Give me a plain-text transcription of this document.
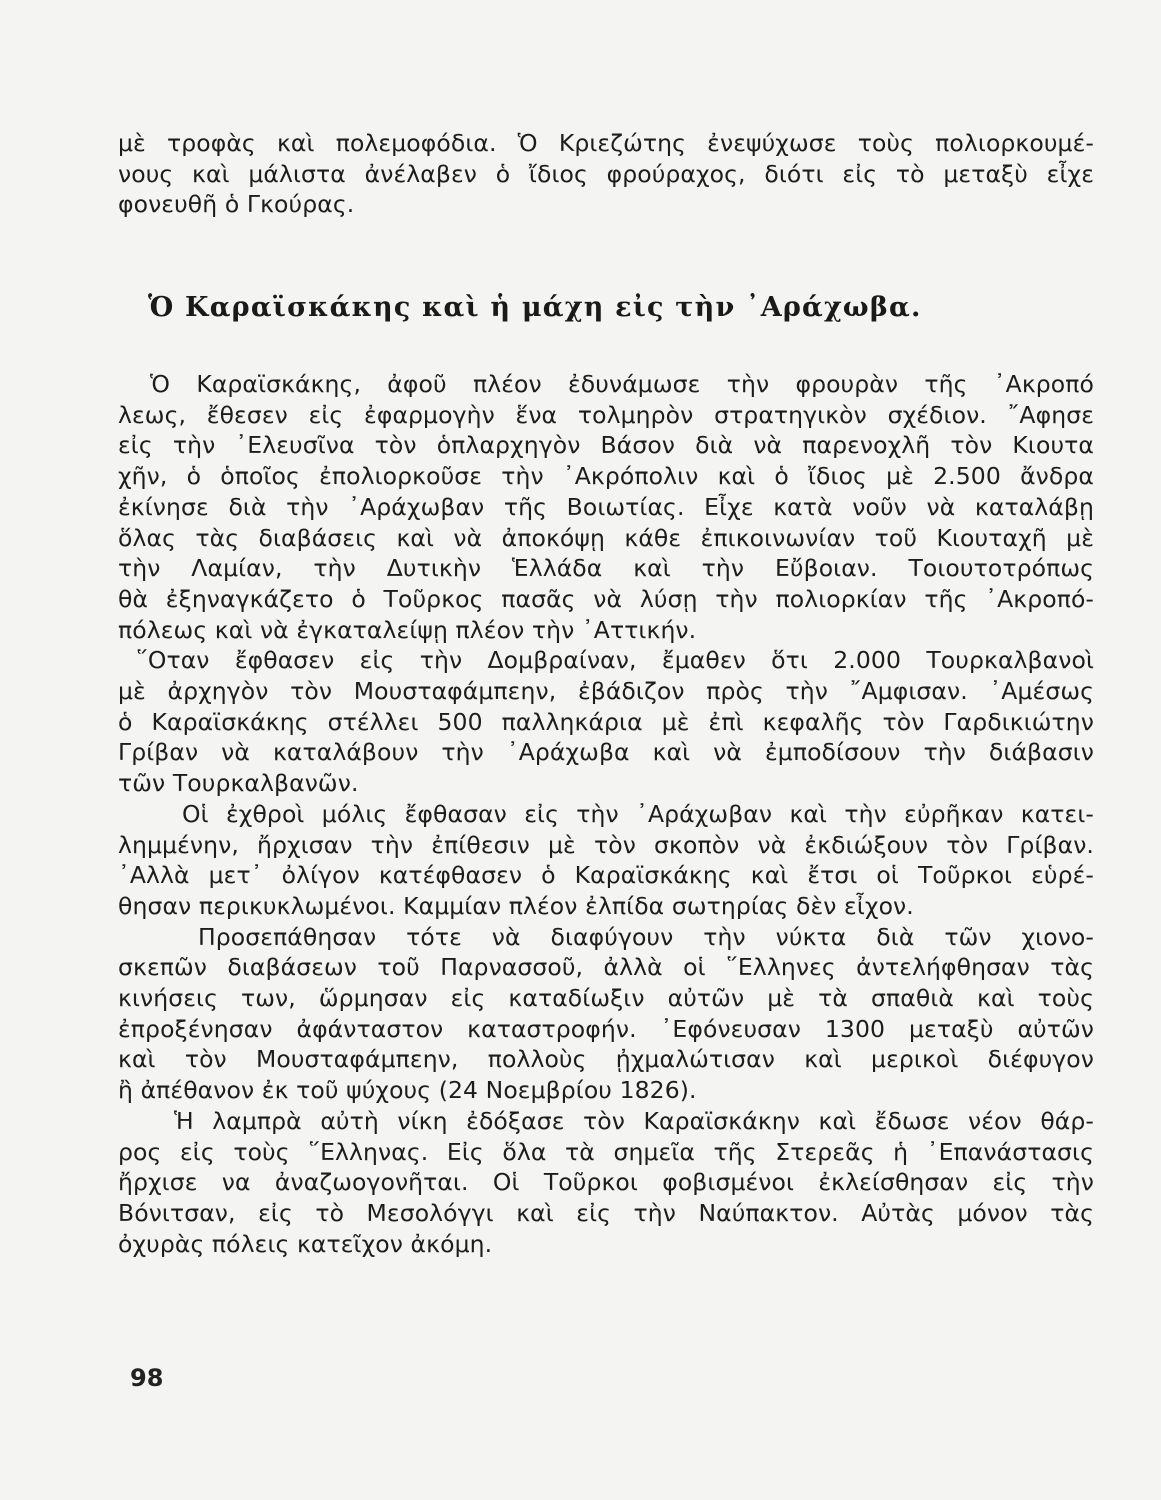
μὲ τροφὰς καὶ πολεμοφόδια. Ὁ Κριεζώτης ἐνεψύχωσε τοὺς πολιορκουμέ-
νους καὶ μάλιστα ἀνέλαβεν ὁ ἴδιος φρούραχος, διότι εἰς τὸ μεταξὺ εἶχε
φονευθῆ ὁ Γκούρας.
Ὁ Καραϊσκάκης καὶ ἡ μάχη εἰς τὴν ᾿Αράχωβα.
Ὁ Καραϊσκάκης, ἀφοῦ πλέον ἐδυνάμωσε τὴν φρουρὰν τῆς ᾿Ακροπό
λεως, ἔθεσεν εἰς ἐφαρμογὴν ἕνα τολμηρὸν στρατηγικὸν σχέδιον. ῎Αφησε
εἰς τὴν ᾿Ελευσῖνα τὸν ὁπλαρχηγὸν Βάσον διὰ νὰ παρενοχλῆ τὸν Κιουτα
χῆν, ὁ ὁποῖος ἐπολιορκοῦσε τὴν ᾿Ακρόπολιν καὶ ὁ ἴδιος μὲ 2.500 ἄνδρα
ἐκίνησε διὰ τὴν ᾿Αράχωβαν τῆς Βοιωτίας. Εἶχε κατὰ νοῦν νὰ καταλάβῃ
ὅλας τὰς διαβάσεις καὶ νὰ ἀποκόψῃ κάθε ἐπικοινωνίαν τοῦ Κιουταχῆ μὲ
τὴν Λαμίαν, τὴν Δυτικὴν Ἑλλάδα καὶ τὴν Εὔβοιαν. Τοιουτοτρόπως
θὰ ἐξηναγκάζετο ὁ Τοῦρκος πασᾶς νὰ λύσῃ τὴν πολιορκίαν τῆς ᾿Ακροπό-
πόλεως καὶ νὰ ἐγκαταλείψῃ πλέον τὴν ᾿Αττικήν.
῞Οταν ἔφθασεν εἰς τὴν Δομβραίναν, ἔμαθεν ὅτι 2.000 Τουρκαλβανοὶ
μὲ ἀρχηγὸν τὸν Μουσταφάμπεην, ἐβάδιζον πρὸς τὴν ῎Αμφισαν. ᾿Αμέσως
ὁ Καραϊσκάκης στέλλει 500 παλληκάρια μὲ ἐπὶ κεφαλῆς τὸν Γαρδικιώτην
Γρίβαν νὰ καταλάβουν τὴν ᾿Αράχωβα καὶ νὰ ἐμποδίσουν τὴν διάβασιν
τῶν Τουρκαλβανῶν.
Οἱ ἐχθροὶ μόλις ἔφθασαν εἰς τὴν ᾿Αράχωβαν καὶ τὴν εὐρῆκαν κατει-
λημμένην, ἤρχισαν τὴν ἐπίθεσιν μὲ τὸν σκοπὸν νὰ ἐκδιώξουν τὸν Γρίβαν.
᾿Αλλὰ μετ᾿ ὀλίγον κατέφθασεν ὁ Καραϊσκάκης καὶ ἔτσι οἱ Τοῦρκοι εὑρέ-
θησαν περικυκλωμένοι. Καμμίαν πλέον ἐλπίδα σωτηρίας δὲν εἶχον.
Προσεπάθησαν τότε νὰ διαφύγουν τὴν νύκτα διὰ τῶν χιονο-
σκεπῶν διαβάσεων τοῦ Παρνασσοῦ, ἀλλὰ οἱ ῞Ελληνες ἀντελήφθησαν τὰς
κινήσεις των, ὥρμησαν εἰς καταδίωξιν αὐτῶν μὲ τὰ σπαθιὰ καὶ τοὺς
ἐπροξένησαν ἀφάνταστον καταστροφήν. ᾿Εφόνευσαν 1300 μεταξὺ αὐτῶν
καὶ τὸν Μουσταφάμπεην, πολλοὺς ᾐχμαλώτισαν καὶ μερικοὶ διέφυγον
ἢ ἀπέθανον ἐκ τοῦ ψύχους (24 Νοεμβρίου 1826).
Ἡ λαμπρὰ αὐτὴ νίκη ἐδόξασε τὸν Καραϊσκάκην καὶ ἔδωσε νέον θάρ-
ρος εἰς τοὺς ῞Ελληνας. Εἰς ὅλα τὰ σημεῖα τῆς Στερεᾶς ἡ ᾿Επανάστασις
ἤρχισε να ἀναζωογονῆται. Οἱ Τοῦρκοι φοβισμένοι ἐκλείσθησαν εἰς τὴν
Βόνιτσαν, εἰς τὸ Μεσολόγγι καὶ εἰς τὴν Ναύπακτον. Αὐτὰς μόνον τὰς
ὀχυρὰς πόλεις κατεῖχον ἀκόμη.
98
